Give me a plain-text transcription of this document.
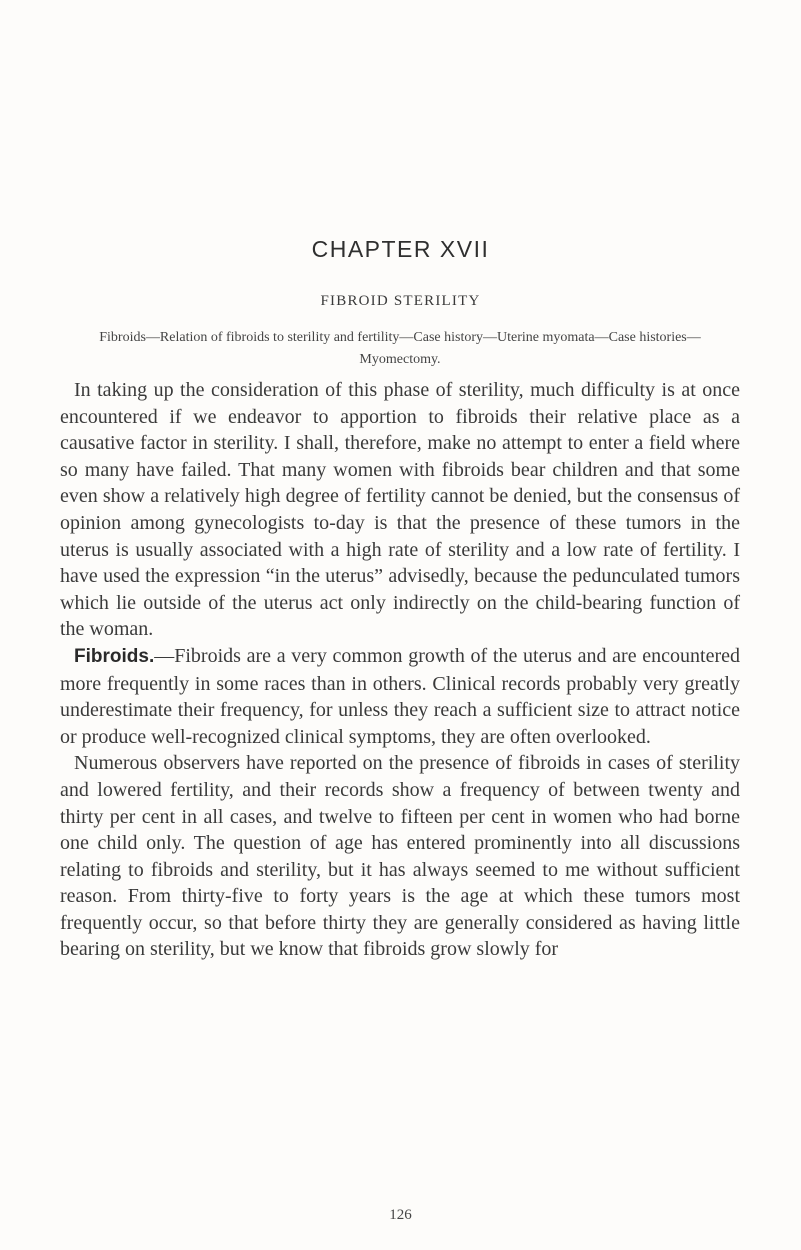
CHAPTER XVII
FIBROID STERILITY

Fibroids—Relation of fibroids to sterility and fertility—Case history—Uterine myomata—Case histories—Myomectomy.

In taking up the consideration of this phase of sterility, much difficulty is at once encountered if we endeavor to apportion to fibroids their relative place as a causative factor in sterility. I shall, therefore, make no attempt to enter a field where so many have failed. That many women with fibroids bear children and that some even show a relatively high degree of fertility cannot be denied, but the consensus of opinion among gynecologists to-day is that the presence of these tumors in the uterus is usually associated with a high rate of sterility and a low rate of fertility. I have used the expression “in the uterus” advisedly, because the pedunculated tumors which lie outside of the uterus act only indirectly on the child-bearing function of the woman.

Fibroids.—Fibroids are a very common growth of the uterus and are encountered more frequently in some races than in others. Clinical records probably very greatly underestimate their frequency, for unless they reach a sufficient size to attract notice or produce well-recognized clinical symptoms, they are often overlooked.

Numerous observers have reported on the presence of fibroids in cases of sterility and lowered fertility, and their records show a frequency of between twenty and thirty per cent in all cases, and twelve to fifteen per cent in women who had borne one child only. The question of age has entered prominently into all discussions relating to fibroids and sterility, but it has always seemed to me without sufficient reason. From thirty-five to forty years is the age at which these tumors most frequently occur, so that before thirty they are generally considered as having little bearing on sterility, but we know that fibroids grow slowly for

126
